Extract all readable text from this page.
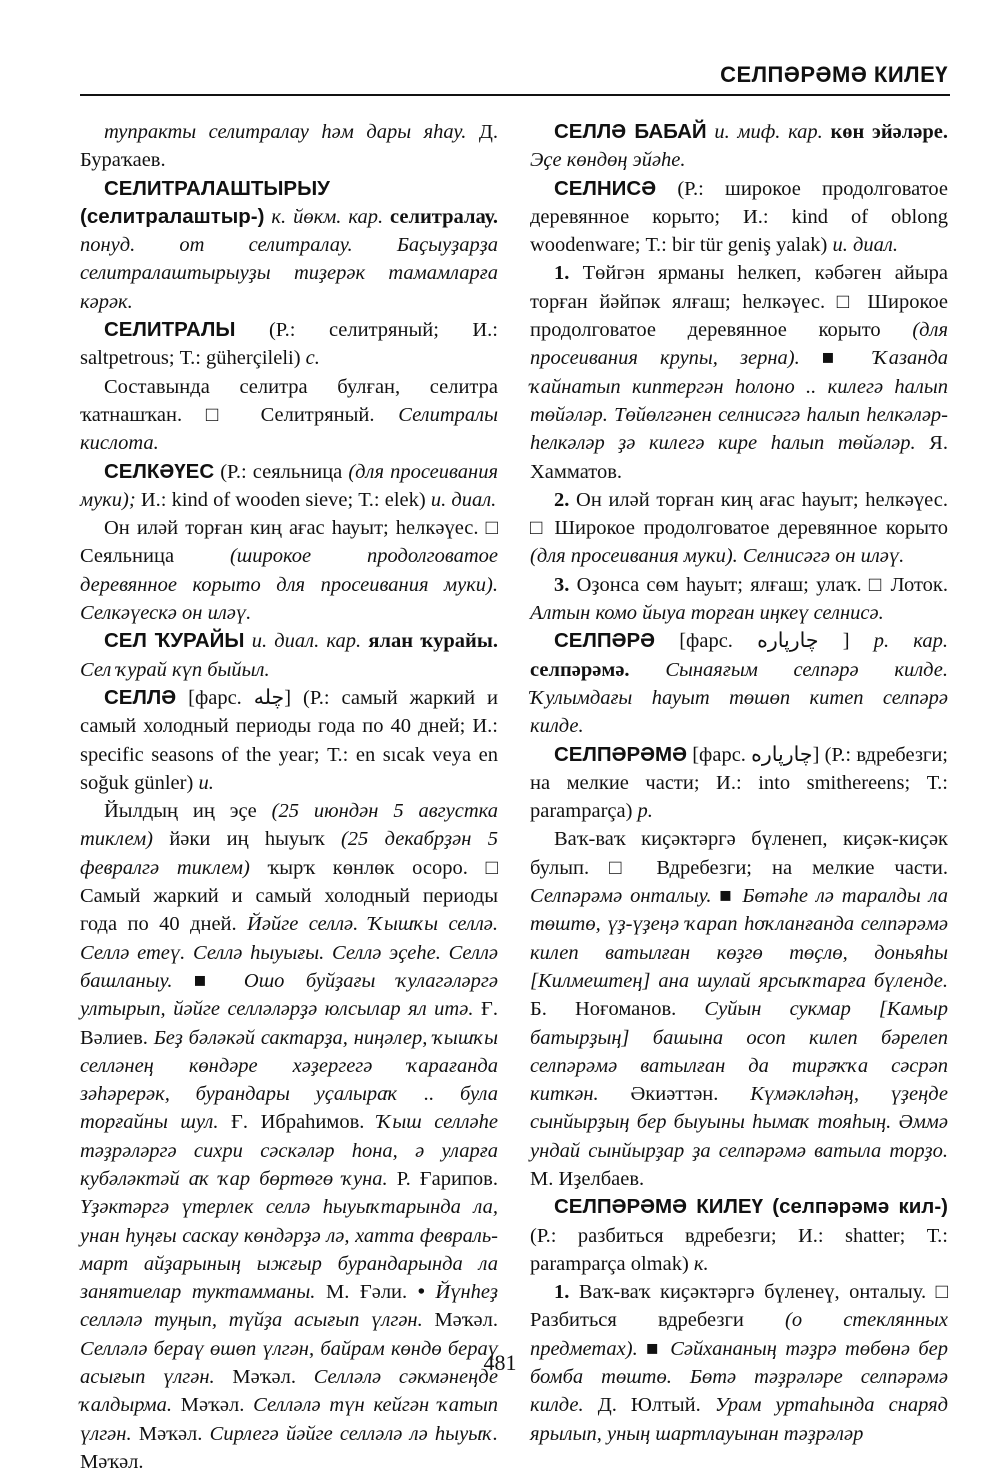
СЕЛПӘРӘМӘ КИЛЕҮ

тупракты селитралау һәм дары яһау. Д. Бураҡаев.

СЕЛИТРАЛАШТЫРЫУ (селитралаштыр-) к. йөкм. кар. селитралау. понуд. от селитралау. Баҫыуҙарҙа селитралаштырыуҙы тиҙерәк тамамларға кәрәк.

СЕЛИТРАЛЫ (Р.: селитряный; И.: saltpetrous; Т.: güherçileli) с.

Составында селитра булған, селитра ҡатнашҡан. □ Селитряный. Селитралы кислота.

СЕЛКӘҮЕС (Р.: сеяльница (для просеивания муки); И.: kind of wooden sieve; Т.: elek) и. диал.

Он иләй торған киң ағас һауыт; һелкәүес. □ Сеяльница (широкое продолговатое деревянное корыто для просеивания муки). Селкәүескә он иләү.

СЕЛ ҠУРАЙЫ и. диал. кар. ялан ҡурайы. Сел ҡурай күп быйыл.

СЕЛЛӘ [фарс. چله] (Р.: самый жаркий и самый холодный периоды года по 40 дней; И.: specific seasons of the year; Т.: en sıcak veya en soğuk günler) и.

Йылдың иң эҫе (25 июндән 5 августка тиклем) йәки иң һыуыҡ (25 декабрҙән 5 февралгә тиклем) ҡырҡ көнлөк осоро. □ Самый жаркий и самый холодный периоды года по 40 дней. Йәйге селлә. Ҡышҡы селлә. Селлә етеү. Селлә һыуығы. Селлә эҫеһе. Селлә башланыу. ■ Ошо буйҙағы ҡулагәләргә ултырып, йәйге селләләрҙә юлсылар ял итә. Ғ. Вәлиев. Беҙ бәләкәй сактарҙа, ниңәлер, ҡышҡы селләнең көндәре хәҙергегә ҡарағанда зәһәрерәк, бурандары уҫалыраҡ .. була торғайны шул. Ғ. Ибраһимов. Ҡыш селләһе тәҙрәләргә сихри сәскәләр һона, ә уларға кубәләктәй аҡ ҡар бөртөгө ҡуна. Р. Ғарипов. Үҙәктәргә үтерлек селлә һыуыҡтарында ла, унан һуңғы саскау көндәрҙә лә, хатта февраль-март айҙарының ыжғыр бурандарында ла занятиелар туктамманы. М. Ғәли. • Йүнһеҙ селләлә туңып, түйҙа асығып үлгән. Мәҡәл. Селләлә бераү өшөп үлгән, байрам көндө бераү асығып үлгән. Мәҡәл. Селләлә сәкмәнеңде ҡалдырма. Мәҡәл. Селләлә түн кейгән ҡатып үлгән. Мәҡәл. Сирлегә йәйге селләлә лә һыуыҡ. Мәҡәл.

СЕЛЛӘ БАБАЙ и. миф. кар. көн эйәләре. Эҫе көндөң эйәһе.

СЕЛНИСӘ (Р.: широкое продолговатое деревянное корыто; И.: kind of oblong woodenware; Т.: bir tür geniş yalak) и. диал.

1. Төйгән ярманы һелкеп, кәбәген айыра торған йәйпәк ялғаш; һелкәүес. □ Широкое продолговатое деревянное корыто (для просеивания крупы, зерна). ■ Ҡазанда ҡайнатып киптергән һолоно .. килегә һалып төйәләр. Төйөлгәнен селнисәгә һалып һелкәләр-һелкәләр ҙә килегә кире һалып төйәләр. Я. Хамматов.

2. Он иләй торған киң ағас һауыт; һелкәүес. □ Широкое продолговатое деревянное корыто (для просеивания муки). Селнисәгә он иләү.

3. Оҙонса сөм һауыт; ялғаш; улаҡ. □ Лоток. Алтын комо йыуа торған иңкеү селнисә.

СЕЛПӘРӘ [фарс. چارپاره ] р. кар. селпәрәмә. Сынаяғым селпәрә килде. Ҡулымдағы һауыт төшөп китеп селпәрә килде.

СЕЛПӘРӘМӘ [фарс. چارپاره] (Р.: вдребезги; на мелкие части; И.: into smithereens; Т.: paramparça) р.

Ваҡ-ваҡ киҫәктәргә бүленеп, киҫәк-киҫәк булып. □ Вдребезги; на мелкие части. Селпәрәмә онталыу. ■ Бөтәһе лә таралды ла төштө, үҙ-үҙеңә ҡарап һоҡланғанда селпәрәмә килеп ватылған көҙгө төҫлө, доньяһы [Килмештең] ана шулай ярсыҡтарға бүленде. Б. Ноғоманов. Суйын сукмар [Камыр батырҙың] башына осоп килеп бәрелеп селпәрәмә ватылған да тирәҡҡа сәсрәп киткән. Әкиәттән. Күмәкләһәң, үҙеңде сынйырҙың бер быуыны һымаҡ тояһың. Әммә ундай сынйырҙар ҙа селпәрәмә ватыла торҙо. М. Иҙелбаев.

СЕЛПӘРӘМӘ КИЛЕҮ (селпәрәмә кил-) (Р.: разбиться вдребезги; И.: shatter; Т.: paramparça olmak) к.

1. Ваҡ-ваҡ киҫәктәргә бүленеү, онталыу. □ Разбиться вдребезги (о стеклянных предметах). ■ Сәйхананың тәҙрә төбөнә бер бомба төштө. Бөтә тәҙрәләре селпәрәмә килде. Д. Юлтый. Урам уртаһында снаряд ярылып, уның шартлауынан тәҙрәләр

481
